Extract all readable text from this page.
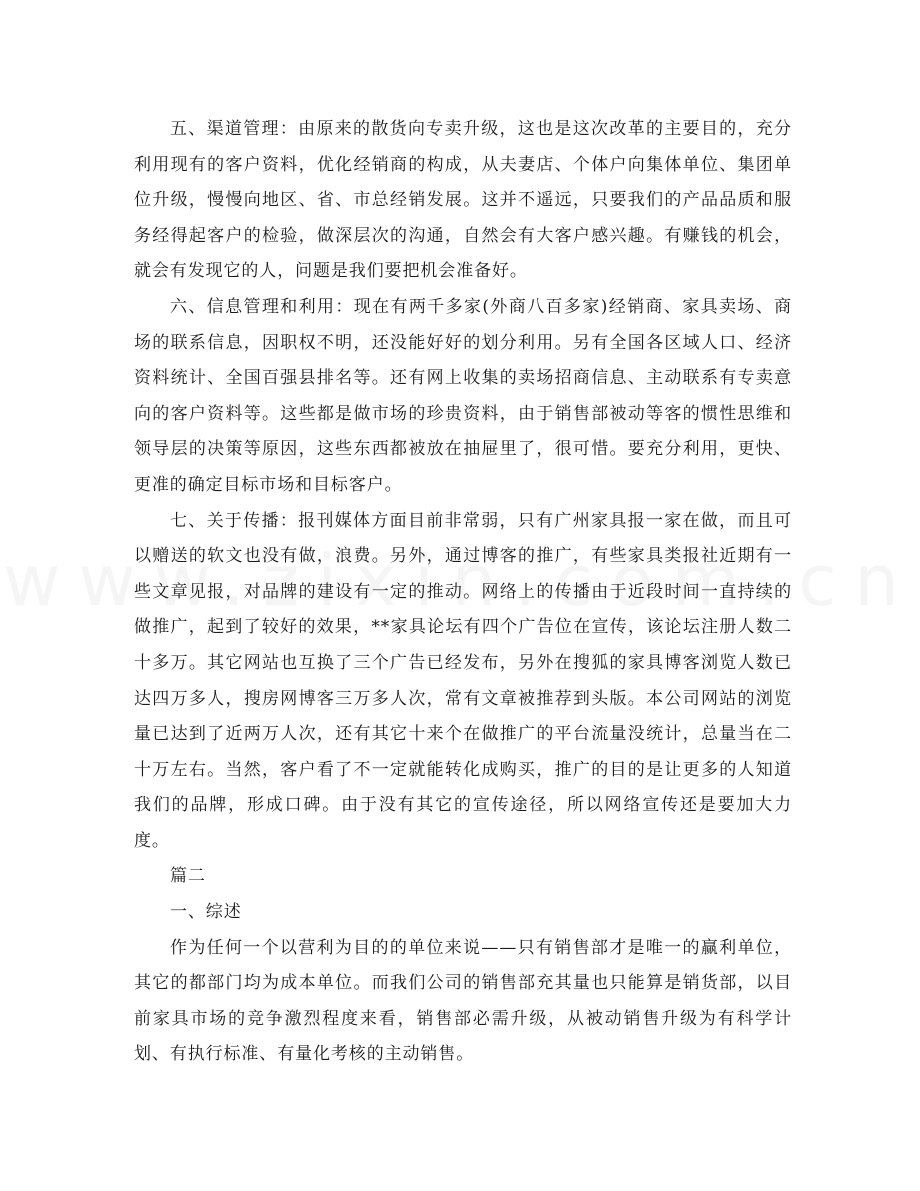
五、渠道管理：由原来的散货向专卖升级，这也是这次改革的主要目的，充分利用现有的客户资料，优化经销商的构成，从夫妻店、个体户向集体单位、集团单位升级，慢慢向地区、省、市总经销发展。这并不遥远，只要我们的产品品质和服务经得起客户的检验，做深层次的沟通，自然会有大客户感兴趣。有赚钱的机会，就会有发现它的人，问题是我们要把机会准备好。

六、信息管理和利用：现在有两千多家(外商八百多家)经销商、家具卖场、商场的联系信息，因职权不明，还没能好好的划分利用。另有全国各区域人口、经济资料统计、全国百强县排名等。还有网上收集的卖场招商信息、主动联系有专卖意向的客户资料等。这些都是做市场的珍贵资料，由于销售部被动等客的惯性思维和领导层的决策等原因，这些东西都被放在抽屉里了，很可惜。要充分利用，更快、更准的确定目标市场和目标客户。

七、关于传播：报刊媒体方面目前非常弱，只有广州家具报一家在做，而且可以赠送的软文也没有做，浪费。另外，通过博客的推广，有些家具类报社近期有一些文章见报，对品牌的建设有一定的推动。网络上的传播由于近段时间一直持续的做推广，起到了较好的效果，**家具论坛有四个广告位在宣传，该论坛注册人数二十多万。其它网站也互换了三个广告已经发布，另外在搜狐的家具博客浏览人数已达四万多人，搜房网博客三万多人次，常有文章被推荐到头版。本公司网站的浏览量已达到了近两万人次，还有其它十来个在做推广的平台流量没统计，总量当在二十万左右。当然，客户看了不一定就能转化成购买，推广的目的是让更多的人知道我们的品牌，形成口碑。由于没有其它的宣传途径，所以网络宣传还是要加大力度。

篇二

一、综述

作为任何一个以营利为目的的单位来说——只有销售部才是唯一的赢利单位，其它的都部门均为成本单位。而我们公司的销售部充其量也只能算是销货部，以目前家具市场的竞争激烈程度来看，销售部必需升级，从被动销售升级为有科学计划、有执行标准、有量化考核的主动销售。
